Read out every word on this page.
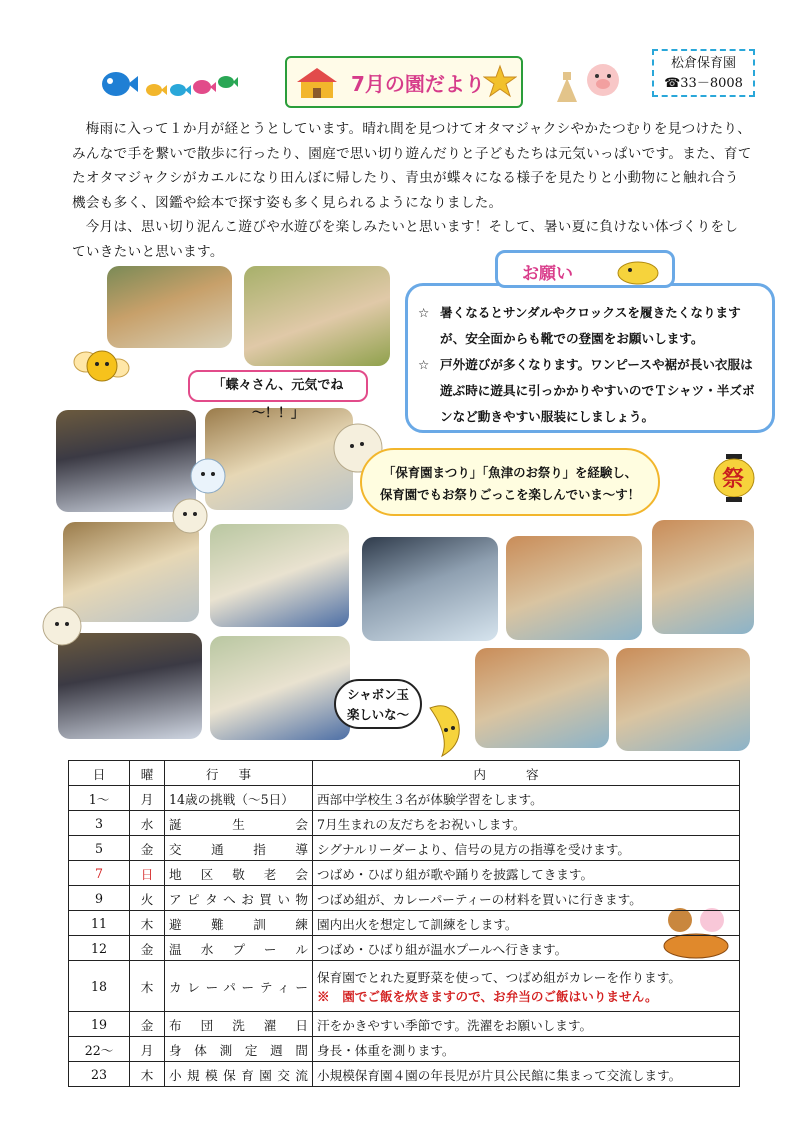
7月の園だより
松倉保育園
☎33－8008

梅雨に入って１か月が経とうとしています。晴れ間を見つけてオタマジャクシやかたつむりを見つけたり、みんなで手を繋いで散歩に行ったり、園庭で思い切り遊んだりと子どもたちは元気いっぱいです。また、育てたオタマジャクシがカエルになり田んぼに帰したり、青虫が蝶々になる様子を見たりと小動物にと触れ合う機会も多く、図鑑や絵本で探す姿も多く見られるようになりました。

今月は、思い切り泥んこ遊びや水遊びを楽しみたいと思います！そして、暑い夏に負けない体づくりをしていきたいと思います。

祭
☆ 暑くなるとサンダルやクロックスを履きたくなりますが、安全面からも靴での登園をお願いします。
☆ 戸外遊びが多くなります。ワンピースや裾が長い衣服は遊ぶ時に遊具に引っかかりやすいのでＴシャツ・半ズボンなど動きやすい服装にしましょう。
お願い
「蝶々さん、元気でね～！！」
「保育園まつり」「魚津のお祭り」を経験し、
保育園でもお祭りごっこを楽しんでいま～す！
シャボン玉
楽しいな～
日	曜	行事	内容
1～	月	14歳の挑戦（～5日）	西部中学校生３名が体験学習をします。
3	水	誕生会	7月生まれの友だちをお祝いします。
5	金	交通指導	シグナルリーダーより、信号の見方の指導を受けます。
7	日	地区敬老会	つばめ・ひばり組が歌や踊りを披露してきます。
9	火	アピタへお買い物	つばめ組が、カレーパーティーの材料を買いに行きます。
11	木	避難訓練	園内出火を想定して訓練をします。
12	金	温水プール	つばめ・ひばり組が温水プールへ行きます。
18	木	カレーパーティー	保育園でとれた夏野菜を使って、つばめ組がカレーを作ります。
※　園でご飯を炊きますので、お弁当のご飯はいりません。

19	金	布団洗濯日	汗をかきやすい季節です。洗濯をお願いします。
22～	月	身体測定週間	身長・体重を測ります。
23	木	小規模保育園交流	小規模保育園４園の年長児が片貝公民館に集まって交流します。
